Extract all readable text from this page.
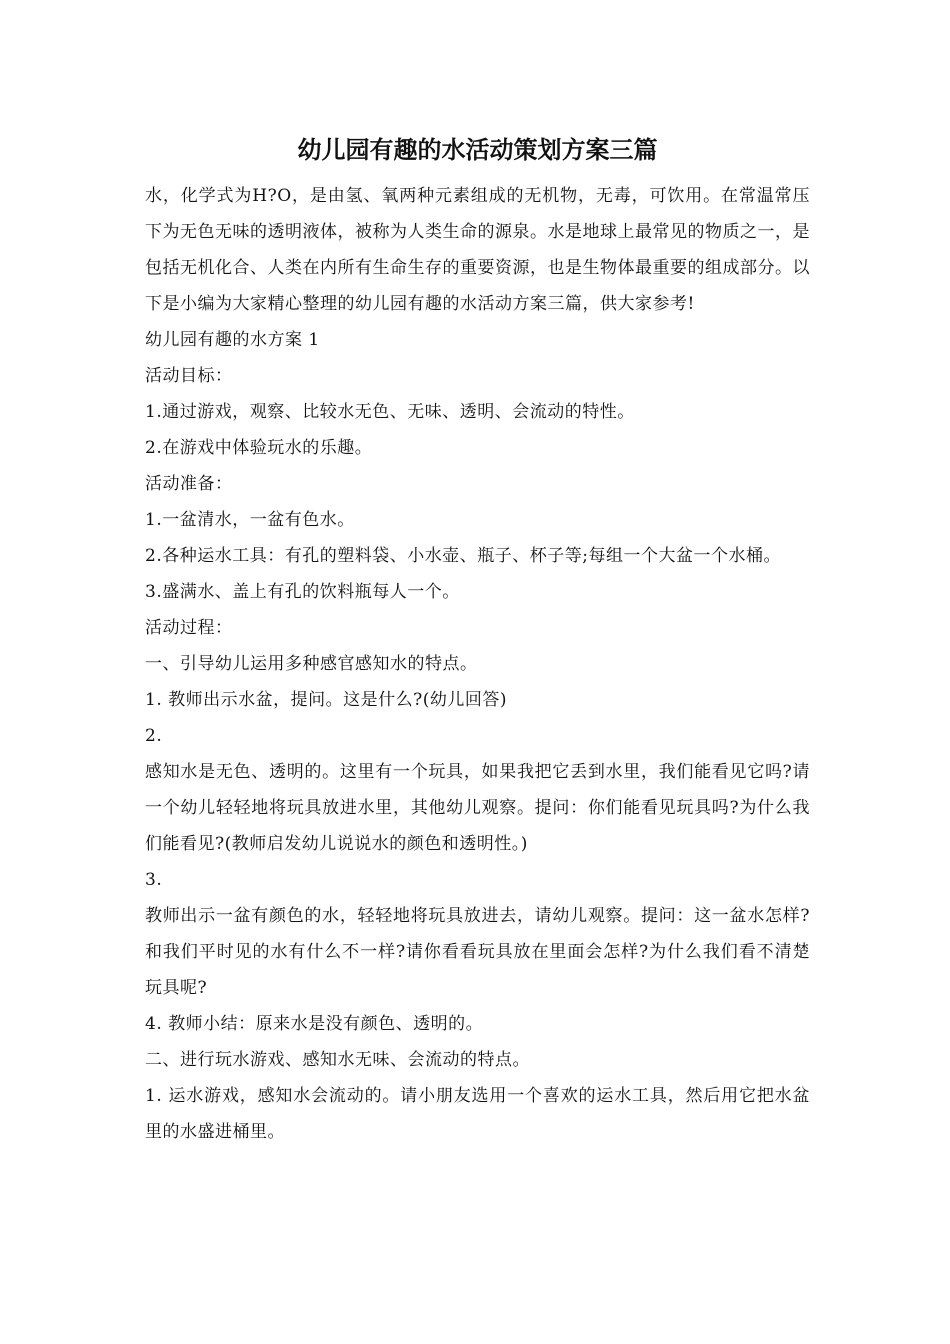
幼儿园有趣的水活动策划方案三篇

水，化学式为H?O，是由氢、氧两种元素组成的无机物，无毒，可饮用。在常温常压下为无色无味的透明液体，被称为人类生命的源泉。水是地球上最常见的物质之一，是包括无机化合、人类在内所有生命生存的重要资源，也是生物体最重要的组成部分。以下是小编为大家精心整理的幼儿园有趣的水活动方案三篇，供大家参考!

幼儿园有趣的水方案 1

活动目标：

1.通过游戏，观察、比较水无色、无味、透明、会流动的特性。

2.在游戏中体验玩水的乐趣。

活动准备：

1.一盆清水，一盆有色水。

2.各种运水工具：有孔的塑料袋、小水壶、瓶子、杯子等;每组一个大盆一个水桶。

3.盛满水、盖上有孔的饮料瓶每人一个。

活动过程：

一、引导幼儿运用多种感官感知水的特点。

1. 教师出示水盆，提问。这是什么?(幼儿回答)

2.

感知水是无色、透明的。这里有一个玩具，如果我把它丢到水里，我们能看见它吗?请一个幼儿轻轻地将玩具放进水里，其他幼儿观察。提问：你们能看见玩具吗?为什么我们能看见?(教师启发幼儿说说水的颜色和透明性。)

3.

教师出示一盆有颜色的水，轻轻地将玩具放进去，请幼儿观察。提问：这一盆水怎样?和我们平时见的水有什么不一样?请你看看玩具放在里面会怎样?为什么我们看不清楚玩具呢?

4. 教师小结：原来水是没有颜色、透明的。

二、进行玩水游戏、感知水无味、会流动的特点。

1. 运水游戏，感知水会流动的。请小朋友选用一个喜欢的运水工具，然后用它把水盆里的水盛进桶里。
